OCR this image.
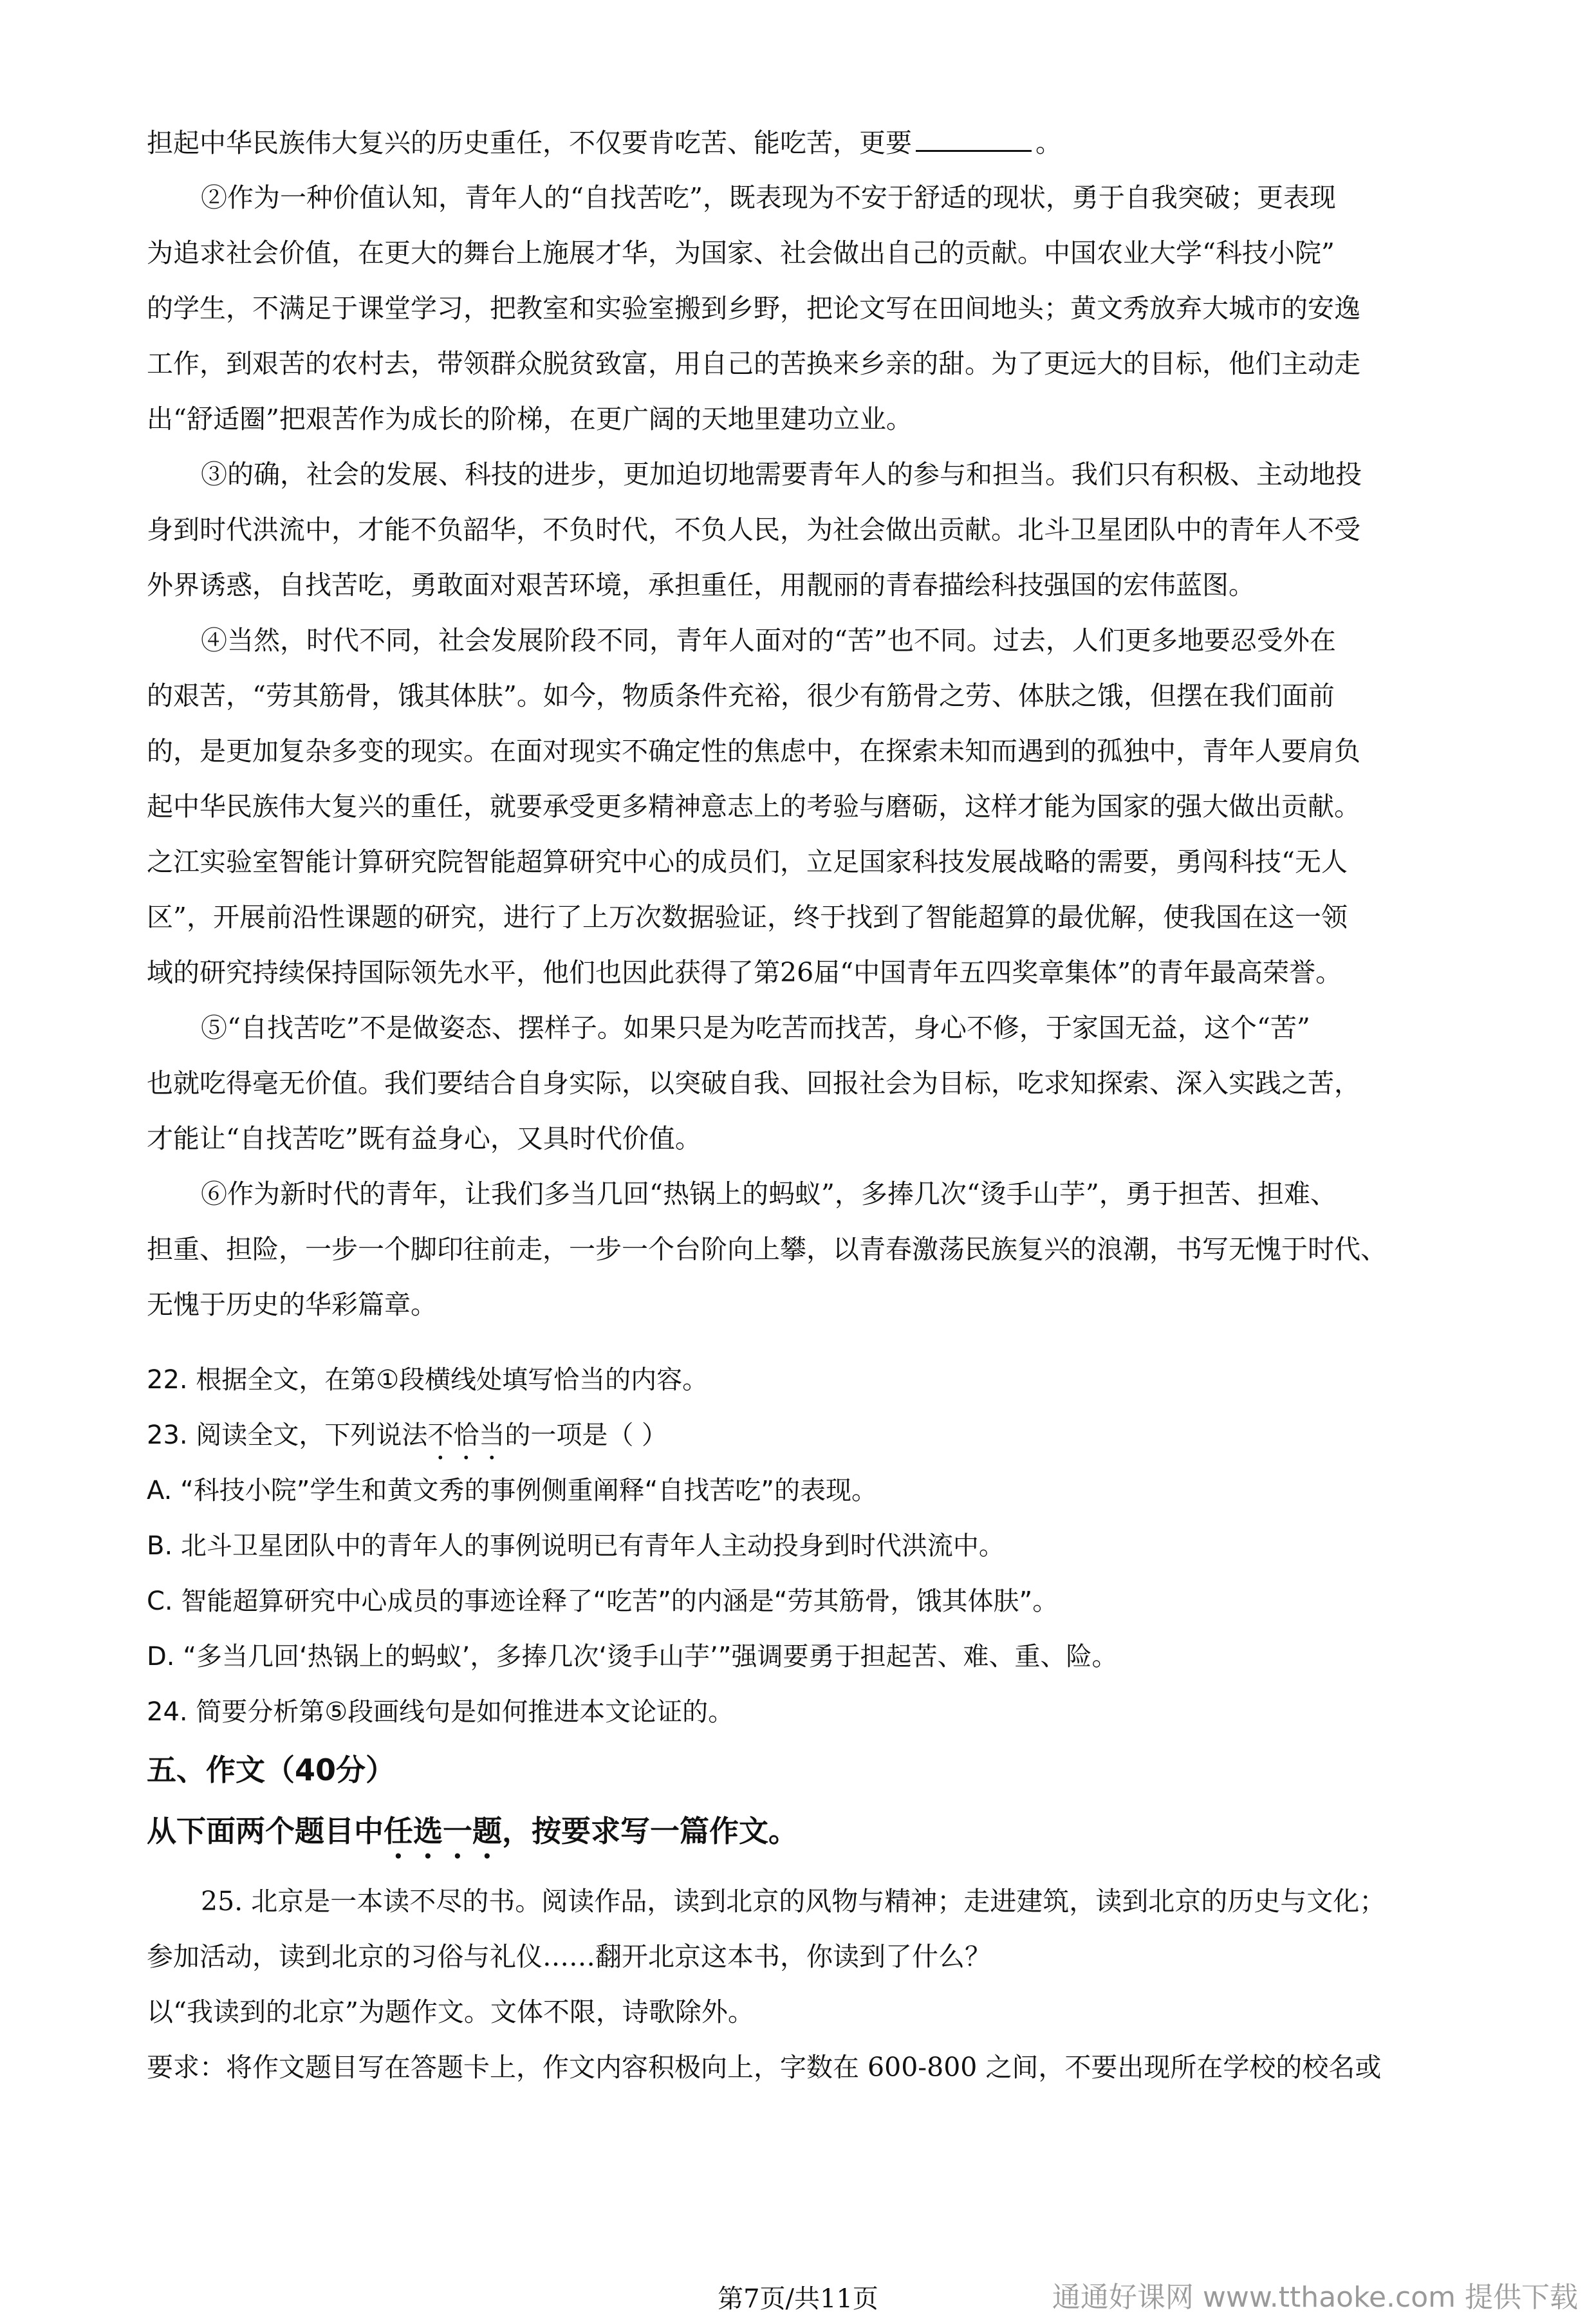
担起中华民族伟大复兴的历史重任，不仅要肯吃苦、能吃苦，更要	。
②作为一种价值认知，青年人的“自找苦吃”，既表现为不安于舒适的现状，勇于自我突破；更表现
为追求社会价值，在更大的舞台上施展才华，为国家、社会做出自己的贡献。中国农业大学“科技小院”
的学生，不满足于课堂学习，把教室和实验室搬到乡野，把论文写在田间地头；黄文秀放弃大城市的安逸
工作，到艰苦的农村去，带领群众脱贫致富，用自己的苦换来乡亲的甜。为了更远大的目标，他们主动走
出“舒适圈”把艰苦作为成长的阶梯，在更广阔的天地里建功立业。
③的确，社会的发展、科技的进步，更加迫切地需要青年人的参与和担当。我们只有积极、主动地投
身到时代洪流中，才能不负韶华，不负时代，不负人民，为社会做出贡献。北斗卫星团队中的青年人不受
外界诱惑，自找苦吃，勇敢面对艰苦环境，承担重任，用靓丽的青春描绘科技强国的宏伟蓝图。
④当然，时代不同，社会发展阶段不同，青年人面对的“苦”也不同。过去，人们更多地要忍受外在
的艰苦，“劳其筋骨，饿其体肤”。如今，物质条件充裕，很少有筋骨之劳、体肤之饿，但摆在我们面前
的，是更加复杂多变的现实。在面对现实不确定性的焦虑中，在探索未知而遇到的孤独中，青年人要肩负
起中华民族伟大复兴的重任，就要承受更多精神意志上的考验与磨砺，这样才能为国家的强大做出贡献。
之江实验室智能计算研究院智能超算研究中心的成员们，立足国家科技发展战略的需要，勇闯科技“无人
区”，开展前沿性课题的研究，进行了上万次数据验证，终于找到了智能超算的最优解，使我国在这一领
域的研究持续保持国际领先水平，他们也因此获得了第26届“中国青年五四奖章集体”的青年最高荣誉。
⑤“自找苦吃”不是做姿态、摆样子。如果只是为吃苦而找苦，身心不修，于家国无益，这个“苦”
也就吃得毫无价值。我们要结合自身实际，以突破自我、回报社会为目标，吃求知探索、深入实践之苦，
才能让“自找苦吃”既有益身心，又具时代价值。
⑥作为新时代的青年，让我们多当几回“热锅上的蚂蚁”，多捧几次“烫手山芋”，勇于担苦、担难、
担重、担险，一步一个脚印往前走，一步一个台阶向上攀，以青春激荡民族复兴的浪潮，书写无愧于时代、
无愧于历史的华彩篇章。
22. 根据全文，在第①段横线处填写恰当的内容。
23. 阅读全文，下列说法不恰当的一项是（ ）
A. “科技小院”学生和黄文秀的事例侧重阐释“自找苦吃”的表现。
B. 北斗卫星团队中的青年人的事例说明已有青年人主动投身到时代洪流中。
C. 智能超算研究中心成员的事迹诠释了“吃苦”的内涵是“劳其筋骨，饿其体肤”。
D. “多当几回‘热锅上的蚂蚁’，多捧几次‘烫手山芋’”强调要勇于担起苦、难、重、险。
24. 简要分析第⑤段画线句是如何推进本文论证的。
五、作文（40分）
从下面两个题目中任选一题，按要求写一篇作文。
25. 北京是一本读不尽的书。阅读作品，读到北京的风物与精神；走进建筑，读到北京的历史与文化；
参加活动，读到北京的习俗与礼仪……翻开北京这本书，你读到了什么？
以“我读到的北京”为题作文。文体不限，诗歌除外。
要求：将作文题目写在答题卡上，作文内容积极向上，字数在 600-800 之间，不要出现所在学校的校名或
第7页/共11页	通通好课网 www.tthaoke.com 提供下载
